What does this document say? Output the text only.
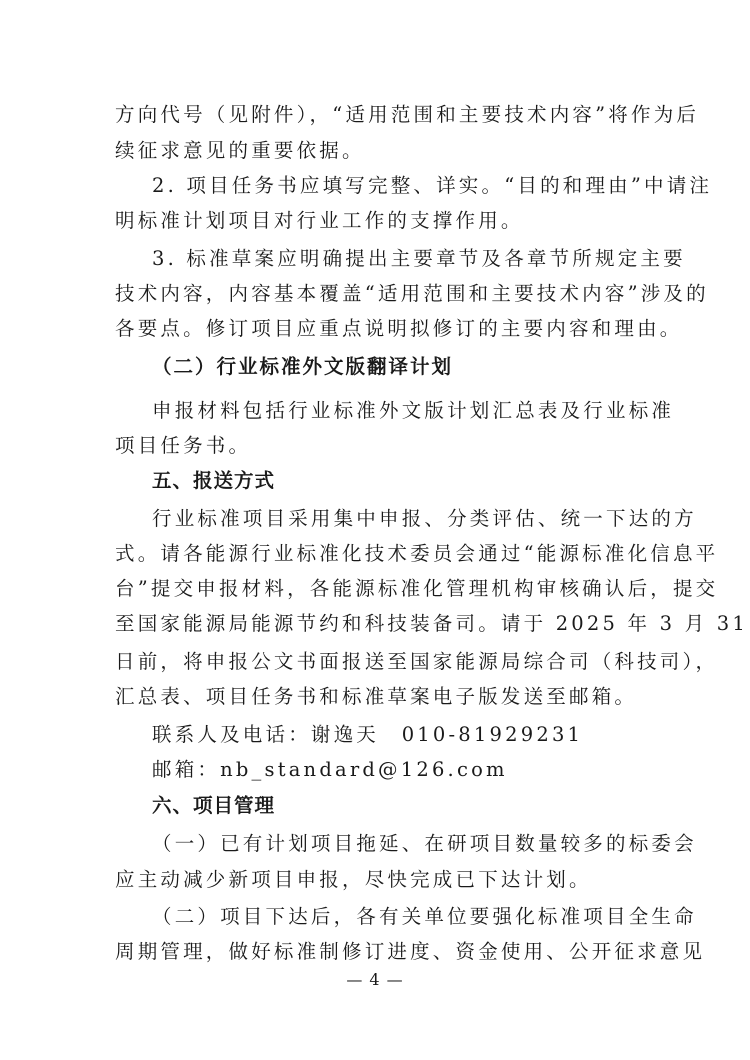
方向代号（见附件），“适用范围和主要技术内容”将作为后
续征求意见的重要依据。
2. 项目任务书应填写完整、详实。“目的和理由”中请注
明标准计划项目对行业工作的支撑作用。
3. 标准草案应明确提出主要章节及各章节所规定主要
技术内容，内容基本覆盖“适用范围和主要技术内容”涉及的
各要点。修订项目应重点说明拟修订的主要内容和理由。
（二）行业标准外文版翻译计划
申报材料包括行业标准外文版计划汇总表及行业标准
项目任务书。
五、报送方式
行业标准项目采用集中申报、分类评估、统一下达的方
式。请各能源行业标准化技术委员会通过“能源标准化信息平
台”提交申报材料，各能源标准化管理机构审核确认后，提交
至国家能源局能源节约和科技装备司。请于 2025 年 3 月 31
日前，将申报公文书面报送至国家能源局综合司（科技司），
汇总表、项目任务书和标准草案电子版发送至邮箱。
联系人及电话：谢逸天　010-81929231
邮箱：nb_standard@126.com
六、项目管理
（一）已有计划项目拖延、在研项目数量较多的标委会
应主动减少新项目申报，尽快完成已下达计划。
（二）项目下达后，各有关单位要强化标准项目全生命
周期管理，做好标准制修订进度、资金使用、公开征求意见
— 4 —
